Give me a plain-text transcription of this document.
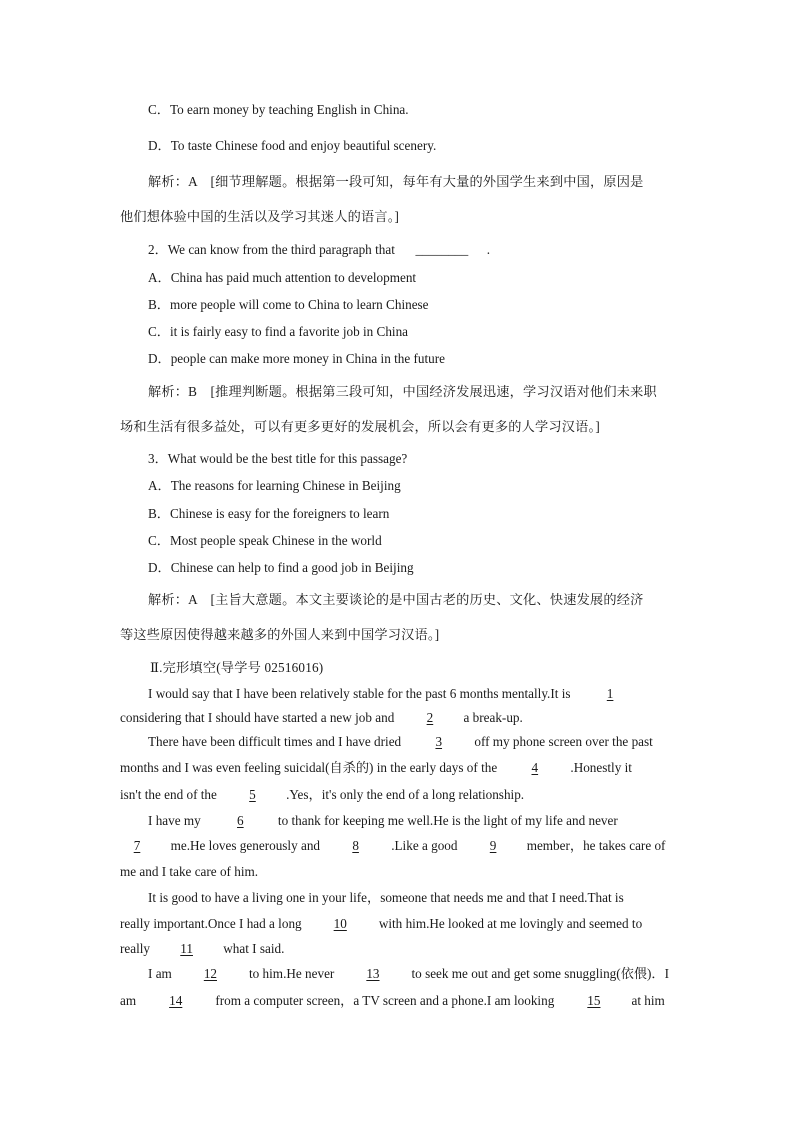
C．To earn money by teaching English in China.
D．To taste Chinese food and enjoy beautiful scenery.
解析：A　[细节理解题。根据第一段可知，每年有大量的外国学生来到中国，原因是
他们想体验中国的生活以及学习其迷人的语言。]
2．We can know from the third paragraph that ________ .
A．China has paid much attention to development
B．more people will come to China to learn Chinese
C．it is fairly easy to find a favorite job in China
D．people can make more money in China in the future
解析：B　[推理判断题。根据第三段可知，中国经济发展迅速，学习汉语对他们未来职
场和生活有很多益处，可以有更多更好的发展机会，所以会有更多的人学习汉语。]
3．What would be the best title for this passage?
A．The reasons for learning Chinese in Beijing
B．Chinese is easy for the foreigners to learn
C．Most people speak Chinese in the world
D．Chinese can help to find a good job in Beijing
解析：A　[主旨大意题。本文主要谈论的是中国古老的历史、文化、快速发展的经济
等这些原因使得越来越多的外国人来到中国学习汉语。]
Ⅱ.完形填空(导学号 02516016)
I would say that I have been relatively stable for the past 6 months mentally.It is	1
considering that I should have started a new job and 2 a break-up.
There have been difficult times and I have dried	3 off my phone screen over the past
months and I was even feeling suicidal(自杀的) in the early days of the	4 .Honestly it
isn't the end of the 5 .Yes，it's only the end of a long relationship.
I have my	6	to thank for keeping me well.He is the light of my life and never
7 me.He loves generously and 8 .Like a good 9 member，he takes care of
me and I take care of him.
It is good to have a living one in your life，someone that needs me and that I need.That is
really important.Once I had a long 10 with him.He looked at me lovingly and seemed to
really 11 what I said.
I am 12 to him.He never 13 to seek me out and get some snuggling(依偎)．I
am	14	from a computer screen，a TV screen and a phone.I am looking	15 at him
